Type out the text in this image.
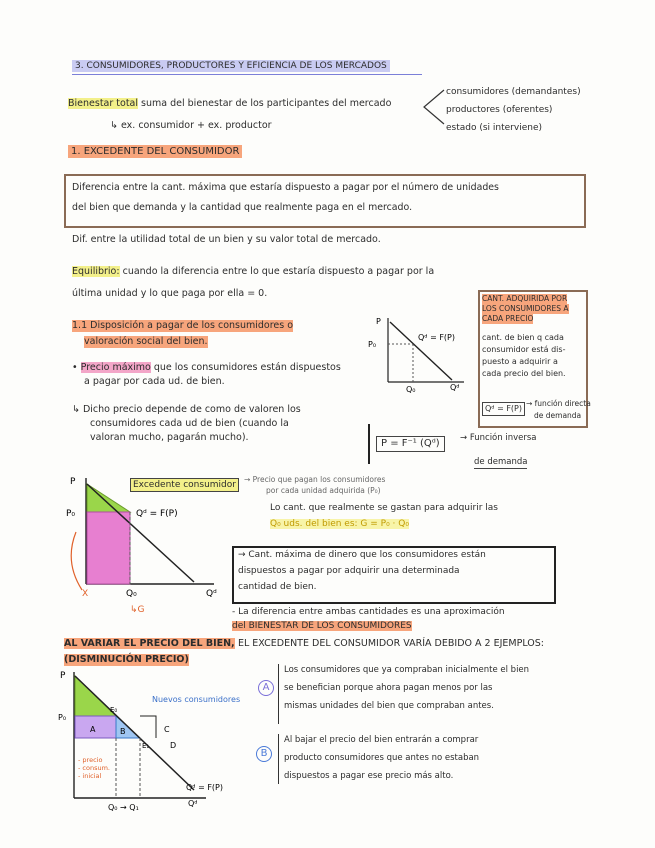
3. CONSUMIDORES, PRODUCTORES Y EFICIENCIA DE LOS MERCADOS
Bienestar total suma del bienestar de los participantes del mercado
↳ ex. consumidor + ex. productor
consumidores (demandantes)
productores (oferentes)
estado (si interviene)
1. EXCEDENTE DEL CONSUMIDOR
Diferencia entre la cant. máxima que estaría dispuesto a pagar por el número de unidades
del bien que demanda y la cantidad que realmente paga en el mercado.
Dif. entre la utilidad total de un bien y su valor total de mercado.
Equilibrio: cuando la diferencia entre lo que estaría dispuesto a pagar por la
última unidad y lo que paga por ella = 0.	CANT. ADQUIRIDA POR
LOS CONSUMIDORES A
CADA PRECIO
cant. de bien q cada
consumidor está dis-
puesto a adquirir a
cada precio del bien.
Qᵈ = F(P)
→ función directa
de demanda
1.1 Disposición a pagar de los consumidores o
valoración social del bien.
• Precio máximo que los consumidores están dispuestos
a pagar por cada ud. de bien.
↳ Dicho precio depende de como de valoren los
consumidores cada ud de bien (cuando la
valoran mucho, pagarán mucho).
P
P₀
Q₀	Qᵈ
Qᵈ = F(P)
P = F⁻¹ (Qᵈ)	→ Función inversa
de demanda
P
P₀
Q₀	Qᵈ
Qᵈ = F(P)
↳G
X
Excedente consumidor
→ Precio que pagan los consumidores
por cada unidad adquirida (P₀)
Lo cant. que realmente se gastan para adquirir las
Q₀ uds. del bien es: G = P₀ · Q₀
→ Cant. máxima de dinero que los consumidores están
dispuestos a pagar por adquirir una determinada
cantidad de bien.
- La diferencia entre ambas cantidades es una aproximación
del BIENESTAR DE LOS CONSUMIDORES
AL VARIAR EL PRECIO DEL BIEN, EL EXCEDENTE DEL CONSUMIDOR VARÍA DEBIDO A 2 EJEMPLOS:
(DISMINUCIÓN PRECIO)
A
Los consumidores que ya compraban inicialmente el bien
se benefician porque ahora pagan menos por las
mismas unidades del bien que compraban antes.
B
Al bajar el precio del bien entrarán a comprar
producto consumidores que antes no estaban
dispuestos a pagar ese precio más alto.
P
P₀
E₀
E₁
A	B	C
D
Qᵈ = F(P)
Qᵈ
Q₀ → Q₁
- precio
- consum.
- inicial
Nuevos consumidores
